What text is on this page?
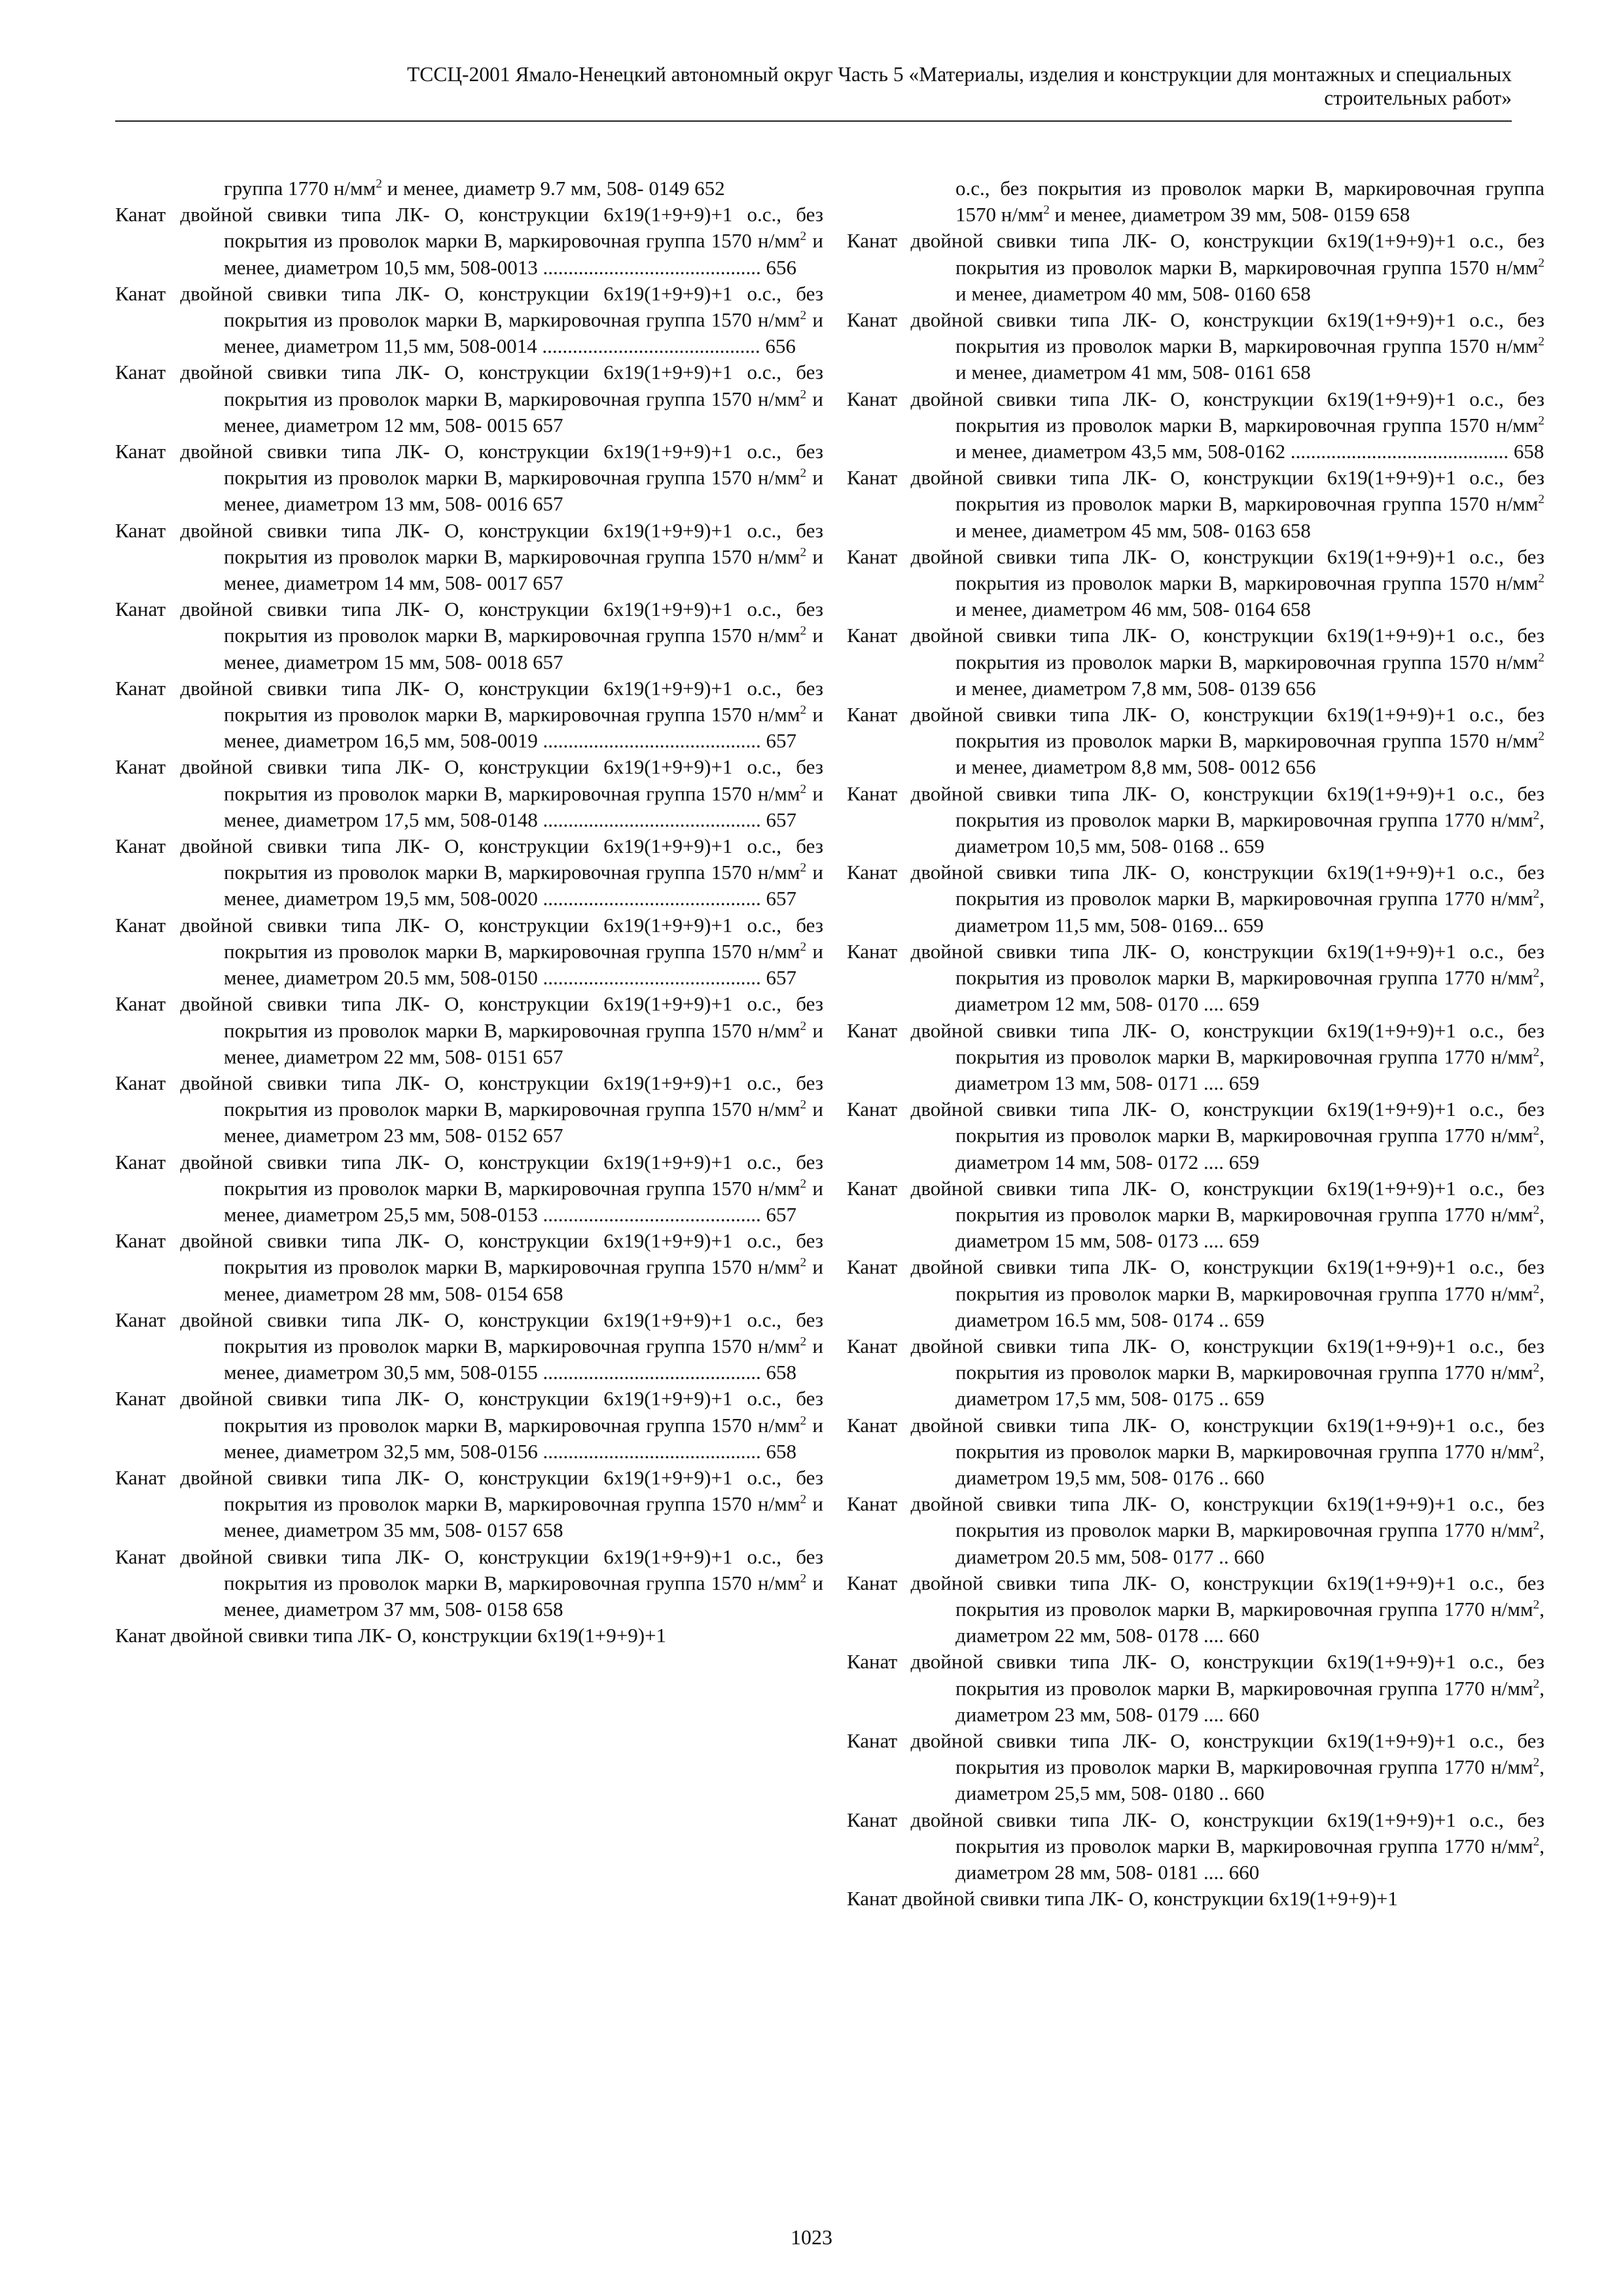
ТССЦ-2001 Ямало-Ненецкий автономный округ Часть 5 «Материалы, изделия и конструкции для монтажных и специальных
строительных работ»
группа 1770 $н/мм^2$ и менее, диаметр 9.7 мм, 508- 0149 652
Канат двойной свивки типа ЛК- О, конструкции 6х19(1+9+9)+1 о.с., без покрытия из проволок марки В, маркировочная группа 1570 $н/мм^2$ и менее, диаметром 10,5 мм, 508-0013 ........................................... 656
Канат двойной свивки типа ЛК- О, конструкции 6х19(1+9+9)+1 о.с., без покрытия из проволок марки В, маркировочная группа 1570 $н/мм^2$ и менее, диаметром 11,5 мм, 508-0014 ........................................... 656
Канат двойной свивки типа ЛК- О, конструкции 6х19(1+9+9)+1 о.с., без покрытия из проволок марки В, маркировочная группа 1570 $н/мм^2$ и менее, диаметром 12 мм, 508- 0015 657
Канат двойной свивки типа ЛК- О, конструкции 6х19(1+9+9)+1 о.с., без покрытия из проволок марки В, маркировочная группа 1570 $н/мм^2$ и менее, диаметром 13 мм, 508- 0016 657
Канат двойной свивки типа ЛК- О, конструкции 6х19(1+9+9)+1 о.с., без покрытия из проволок марки В, маркировочная группа 1570 $н/мм^2$ и менее, диаметром 14 мм, 508- 0017 657
Канат двойной свивки типа ЛК- О, конструкции 6х19(1+9+9)+1 о.с., без покрытия из проволок марки В, маркировочная группа 1570 $н/мм^2$ и менее, диаметром 15 мм, 508- 0018 657
Канат двойной свивки типа ЛК- О, конструкции 6х19(1+9+9)+1 о.с., без покрытия из проволок марки В, маркировочная группа 1570 $н/мм^2$ и менее, диаметром 16,5 мм, 508-0019 ........................................... 657
Канат двойной свивки типа ЛК- О, конструкции 6х19(1+9+9)+1 о.с., без покрытия из проволок марки В, маркировочная группа 1570 $н/мм^2$ и менее, диаметром 17,5 мм, 508-0148 ........................................... 657
Канат двойной свивки типа ЛК- О, конструкции 6х19(1+9+9)+1 о.с., без покрытия из проволок марки В, маркировочная группа 1570 $н/мм^2$ и менее, диаметром 19,5 мм, 508-0020 ........................................... 657
Канат двойной свивки типа ЛК- О, конструкции 6х19(1+9+9)+1 о.с., без покрытия из проволок марки В, маркировочная группа 1570 $н/мм^2$ и менее, диаметром 20.5 мм, 508-0150 ........................................... 657
Канат двойной свивки типа ЛК- О, конструкции 6х19(1+9+9)+1 о.с., без покрытия из проволок марки В, маркировочная группа 1570 $н/мм^2$ и менее, диаметром 22 мм, 508- 0151 657
Канат двойной свивки типа ЛК- О, конструкции 6х19(1+9+9)+1 о.с., без покрытия из проволок марки В, маркировочная группа 1570 $н/мм^2$ и менее, диаметром 23 мм, 508- 0152 657
Канат двойной свивки типа ЛК- О, конструкции 6х19(1+9+9)+1 о.с., без покрытия из проволок марки В, маркировочная группа 1570 $н/мм^2$ и менее, диаметром 25,5 мм, 508-0153 ........................................... 657
Канат двойной свивки типа ЛК- О, конструкции 6х19(1+9+9)+1 о.с., без покрытия из проволок марки В, маркировочная группа 1570 $н/мм^2$ и менее, диаметром 28 мм, 508- 0154 658
Канат двойной свивки типа ЛК- О, конструкции 6х19(1+9+9)+1 о.с., без покрытия из проволок марки В, маркировочная группа 1570 $н/мм^2$ и менее, диаметром 30,5 мм, 508-0155 ........................................... 658
Канат двойной свивки типа ЛК- О, конструкции 6х19(1+9+9)+1 о.с., без покрытия из проволок марки В, маркировочная группа 1570 $н/мм^2$ и менее, диаметром 32,5 мм, 508-0156 ........................................... 658
Канат двойной свивки типа ЛК- О, конструкции 6х19(1+9+9)+1 о.с., без покрытия из проволок марки В, маркировочная группа 1570 $н/мм^2$ и менее, диаметром 35 мм, 508- 0157 658
Канат двойной свивки типа ЛК- О, конструкции 6х19(1+9+9)+1 о.с., без покрытия из проволок марки В, маркировочная группа 1570 $н/мм^2$ и менее, диаметром 37 мм, 508- 0158 658
Канат двойной свивки типа ЛК- О, конструкции 6х19(1+9+9)+1
о.с., без покрытия из проволок марки В, маркировочная группа 1570 $н/мм^2$ и менее, диаметром 39 мм, 508- 0159 658
Канат двойной свивки типа ЛК- О, конструкции 6х19(1+9+9)+1 о.с., без покрытия из проволок марки В, маркировочная группа 1570 $н/мм^2$ и менее, диаметром 40 мм, 508- 0160 658
Канат двойной свивки типа ЛК- О, конструкции 6х19(1+9+9)+1 о.с., без покрытия из проволок марки В, маркировочная группа 1570 $н/мм^2$ и менее, диаметром 41 мм, 508- 0161 658
Канат двойной свивки типа ЛК- О, конструкции 6х19(1+9+9)+1 о.с., без покрытия из проволок марки В, маркировочная группа 1570 $н/мм^2$ и менее, диаметром 43,5 мм, 508-0162 ........................................... 658
Канат двойной свивки типа ЛК- О, конструкции 6х19(1+9+9)+1 о.с., без покрытия из проволок марки В, маркировочная группа 1570 $н/мм^2$ и менее, диаметром 45 мм, 508- 0163 658
Канат двойной свивки типа ЛК- О, конструкции 6х19(1+9+9)+1 о.с., без покрытия из проволок марки В, маркировочная группа 1570 $н/мм^2$ и менее, диаметром 46 мм, 508- 0164 658
Канат двойной свивки типа ЛК- О, конструкции 6х19(1+9+9)+1 о.с., без покрытия из проволок марки В, маркировочная группа 1570 $н/мм^2$ и менее, диаметром 7,8 мм, 508- 0139 656
Канат двойной свивки типа ЛК- О, конструкции 6х19(1+9+9)+1 о.с., без покрытия из проволок марки В, маркировочная группа 1570 $н/мм^2$ и менее, диаметром 8,8 мм, 508- 0012 656
Канат двойной свивки типа ЛК- О, конструкции 6х19(1+9+9)+1 о.с., без покрытия из проволок марки В, маркировочная группа 1770 $н/мм^2$, диаметром 10,5 мм, 508- 0168 .. 659
Канат двойной свивки типа ЛК- О, конструкции 6х19(1+9+9)+1 о.с., без покрытия из проволок марки В, маркировочная группа 1770 $н/мм^2$, диаметром 11,5 мм, 508- 0169... 659
Канат двойной свивки типа ЛК- О, конструкции 6х19(1+9+9)+1 о.с., без покрытия из проволок марки В, маркировочная группа 1770 $н/мм^2$, диаметром 12 мм, 508- 0170 .... 659
Канат двойной свивки типа ЛК- О, конструкции 6х19(1+9+9)+1 о.с., без покрытия из проволок марки В, маркировочная группа 1770 $н/мм^2$, диаметром 13 мм, 508- 0171 .... 659
Канат двойной свивки типа ЛК- О, конструкции 6х19(1+9+9)+1 о.с., без покрытия из проволок марки В, маркировочная группа 1770 $н/мм^2$, диаметром 14 мм, 508- 0172 .... 659
Канат двойной свивки типа ЛК- О, конструкции 6х19(1+9+9)+1 о.с., без покрытия из проволок марки В, маркировочная группа 1770 $н/мм^2$, диаметром 15 мм, 508- 0173 .... 659
Канат двойной свивки типа ЛК- О, конструкции 6х19(1+9+9)+1 о.с., без покрытия из проволок марки В, маркировочная группа 1770 $н/мм^2$, диаметром 16.5 мм, 508- 0174 .. 659
Канат двойной свивки типа ЛК- О, конструкции 6х19(1+9+9)+1 о.с., без покрытия из проволок марки В, маркировочная группа 1770 $н/мм^2$, диаметром 17,5 мм, 508- 0175 .. 659
Канат двойной свивки типа ЛК- О, конструкции 6х19(1+9+9)+1 о.с., без покрытия из проволок марки В, маркировочная группа 1770 $н/мм^2$, диаметром 19,5 мм, 508- 0176 .. 660
Канат двойной свивки типа ЛК- О, конструкции 6х19(1+9+9)+1 о.с., без покрытия из проволок марки В, маркировочная группа 1770 $н/мм^2$, диаметром 20.5 мм, 508- 0177 .. 660
Канат двойной свивки типа ЛК- О, конструкции 6х19(1+9+9)+1 о.с., без покрытия из проволок марки В, маркировочная группа 1770 $н/мм^2$, диаметром 22 мм, 508- 0178 .... 660
Канат двойной свивки типа ЛК- О, конструкции 6х19(1+9+9)+1 о.с., без покрытия из проволок марки В, маркировочная группа 1770 $н/мм^2$, диаметром 23 мм, 508- 0179 .... 660
Канат двойной свивки типа ЛК- О, конструкции 6х19(1+9+9)+1 о.с., без покрытия из проволок марки В, маркировочная группа 1770 $н/мм^2$, диаметром 25,5 мм, 508- 0180 .. 660
Канат двойной свивки типа ЛК- О, конструкции 6х19(1+9+9)+1 о.с., без покрытия из проволок марки В, маркировочная группа 1770 $н/мм^2$, диаметром 28 мм, 508- 0181 .... 660
Канат двойной свивки типа ЛК- О, конструкции 6х19(1+9+9)+1
1023
